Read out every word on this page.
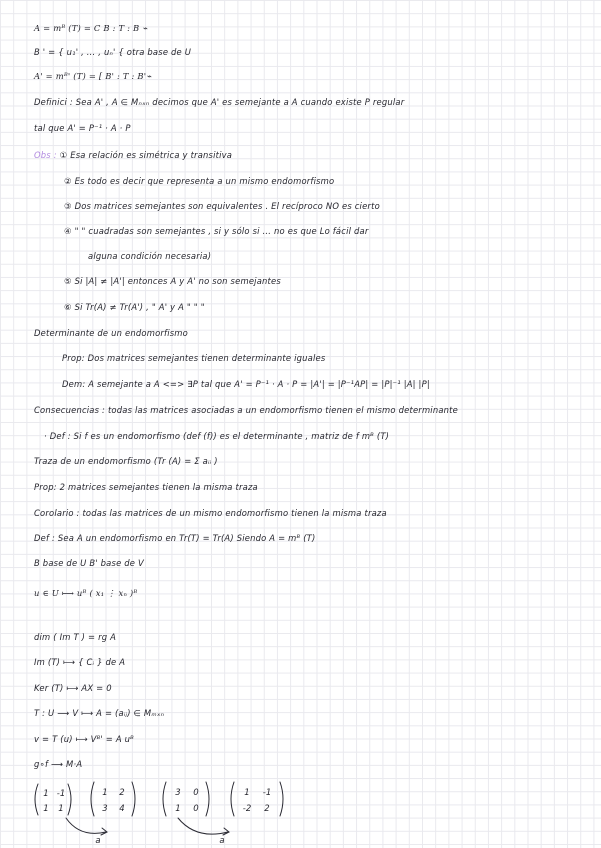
A = mᴮ (T) = C B : T : B ⌁
B ' = { u₁' , ... , uₙ' { otra base de U
A' = mᴮ' (T) = [ B' : T : B'⌁
Definici : Sea A' , A ∈ Mₙₓₙ decimos que A' es semejante a A cuando existe P regular
tal que A' = P⁻¹ · A · P
Obs : ① Esa relación es simétrica y transitiva
② Es todo es decir que representa a un mismo endomorfismo
③ Dos matrices semejantes son equivalentes . El recíproco NO es cierto
④ " " cuadradas son semejantes , si y sólo si ... no es que Lo fácil dar
alguna condición necesaria)
⑤ Si |A| ≠ |A'| entonces A y A' no son semejantes
⑥ Si Tr(A) ≠ Tr(A') , " A' y A " " "
Determinante de un endomorfismo
Prop: Dos matrices semejantes tienen determinante iguales
Dem: A semejante a A <=> ∃P tal que A' = P⁻¹ · A · P = |A'| = |P⁻¹AP| = |P|⁻¹ |A| |P|
Consecuencias : todas las matrices asociadas a un endomorfismo tienen el mismo determinante
· Def : Si f es un endomorfismo (def (f)) es el determinante , matriz de f mᴮ (T)
Traza de un endomorfismo (Tr (A) = Σ aᵢᵢ )
Prop: 2 matrices semejantes tienen la misma traza
Corolario : todas las matrices de un mismo endomorfismo tienen la misma traza
Def : Sea A un endomorfismo en Tr(T) = Tr(A) Siendo A = mᴮ (T)
B base de U B' base de V
u ∈ U ⟼ uᴮ ( x₁ ⋮ xₙ )ᴮ
dim ( Im T ) = rg A
Im (T) ⟼ { Cᵢ } de A
Ker (T) ⟼ AX = 0
T : U ⟶ V ⟼ A = (aᵢⱼ) ∈ Mₘₓₙ
v = T (u) ⟼ Vᴮ' = A uᴮ
g∘f ⟶ M·A
1 -1
1 1
1 2
3 4
3 0
1 0
1 -1
-2 2
a	a
